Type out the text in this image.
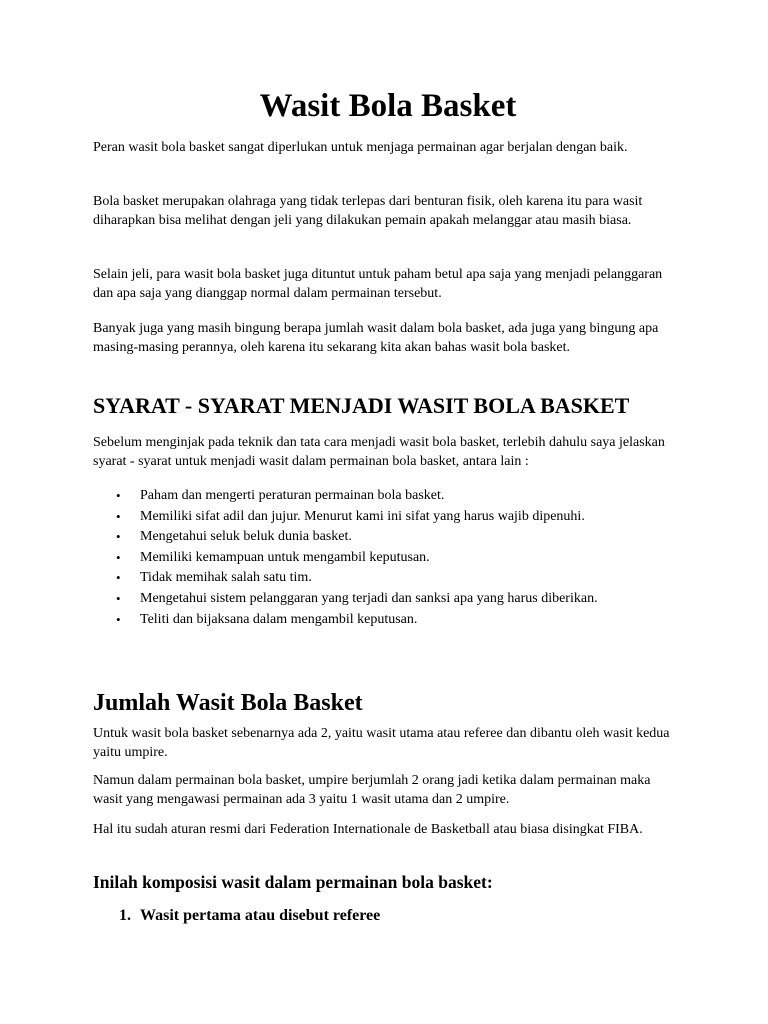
Wasit Bola Basket

Peran wasit bola basket sangat diperlukan untuk menjaga permainan agar berjalan dengan baik.

Bola basket merupakan olahraga yang tidak terlepas dari benturan fisik, oleh karena itu para wasit diharapkan bisa melihat dengan jeli yang dilakukan pemain apakah melanggar atau masih biasa.

Selain jeli, para wasit bola basket juga dituntut untuk paham betul apa saja yang menjadi pelanggaran dan apa saja yang dianggap normal dalam permainan tersebut.

Banyak juga yang masih bingung berapa jumlah wasit dalam bola basket, ada juga yang bingung apa masing-masing perannya, oleh karena itu sekarang kita akan bahas wasit bola basket.

SYARAT - SYARAT MENJADI WASIT BOLA BASKET

Sebelum menginjak pada teknik dan tata cara menjadi wasit bola basket, terlebih dahulu saya jelaskan syarat - syarat untuk menjadi wasit dalam permainan bola basket, antara lain :

• Paham dan mengerti peraturan permainan bola basket.
• Memiliki sifat adil dan jujur. Menurut kami ini sifat yang harus wajib dipenuhi.
• Mengetahui seluk beluk dunia basket.
• Memiliki kemampuan untuk mengambil keputusan.
• Tidak memihak salah satu tim.
• Mengetahui sistem pelanggaran yang terjadi dan sanksi apa yang harus diberikan.
• Teliti dan bijaksana dalam mengambil keputusan.
Jumlah Wasit Bola Basket

Untuk wasit bola basket sebenarnya ada 2, yaitu wasit utama atau referee dan dibantu oleh wasit kedua yaitu umpire.

Namun dalam permainan bola basket, umpire berjumlah 2 orang jadi ketika dalam permainan maka wasit yang mengawasi permainan ada 3 yaitu 1 wasit utama dan 2 umpire.

Hal itu sudah aturan resmi dari Federation Internationale de Basketball atau biasa disingkat FIBA.

Inilah komposisi wasit dalam permainan bola basket:
1. Wasit pertama atau disebut referee
